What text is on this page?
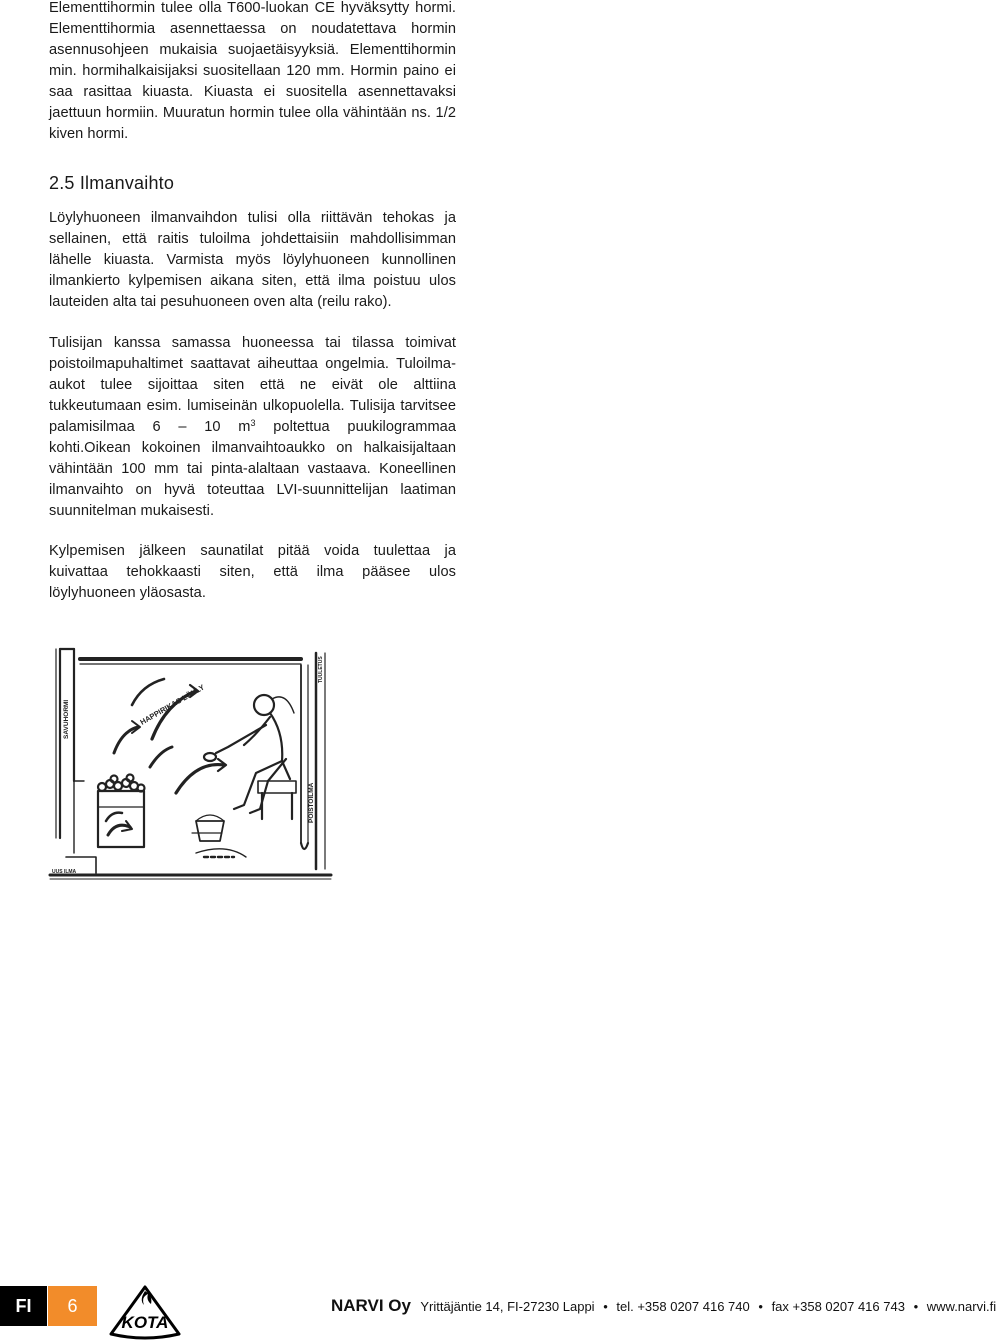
Elementtihormin tulee olla T600-luokan CE hyväksytty hormi. Elementtihormia asennettaessa on noudatettava hormin asennusohjeen mukaisia suojaetäisyyksiä. Elementtihormin min. hormihalkaisijaksi suositellaan 120 mm. Hormin paino ei saa rasittaa kiuasta. Kiuasta ei suositella asennettavaksi jaettuun hormiin. Muuratun hormin tulee olla vähintään ns. 1/2 kiven hormi.

2.5 Ilmanvaihto

Löylyhuoneen ilmanvaihdon tulisi olla riittävän tehokas ja sellainen, että raitis tuloilma johdettaisiin mahdollisimman lähelle kiuasta. Varmista myös löylyhuoneen kunnollinen ilmankierto kylpemisen aikana siten, että ilma poistuu ulos lauteiden alta tai pesuhuoneen oven alta (reilu rako).

Tulisijan kanssa samassa huoneessa tai tilassa toimivat poistoilmapuhaltimet saattavat aiheuttaa ongelmia. Tuloilma-aukot tulee sijoittaa siten että ne eivät ole alttiina tukkeutumaan esim. lumiseinän ulkopuolella. Tulisija tarvitsee palamisilmaa 6 – 10 $m^3$ poltettua puukilogrammaa kohti.Oikean kokoinen ilmanvaihtoaukko on halkaisijaltaan vähintään 100 mm tai pinta-alaltaan vastaava. Koneellinen ilmanvaihto on hyvä toteuttaa LVI-suunnittelijan laatiman suunnitelman mukaisesti.

Kylpemisen jälkeen saunatilat pitää voida tuulettaa ja kuivattaa tehokkaasti siten, että ilma pääsee ulos löylyhuoneen yläosasta.

SAVUHORMI	HAPPIRIKAS LÖYLY
POISTOILMA
TUULETUS
UUS ILMA
FI	6
KOTA
NARVI Oy Yrittäjäntie 14, FI-27230 Lappi • tel. +358 0207 416 740 • fax +358 0207 416 743 • www.narvi.fi
